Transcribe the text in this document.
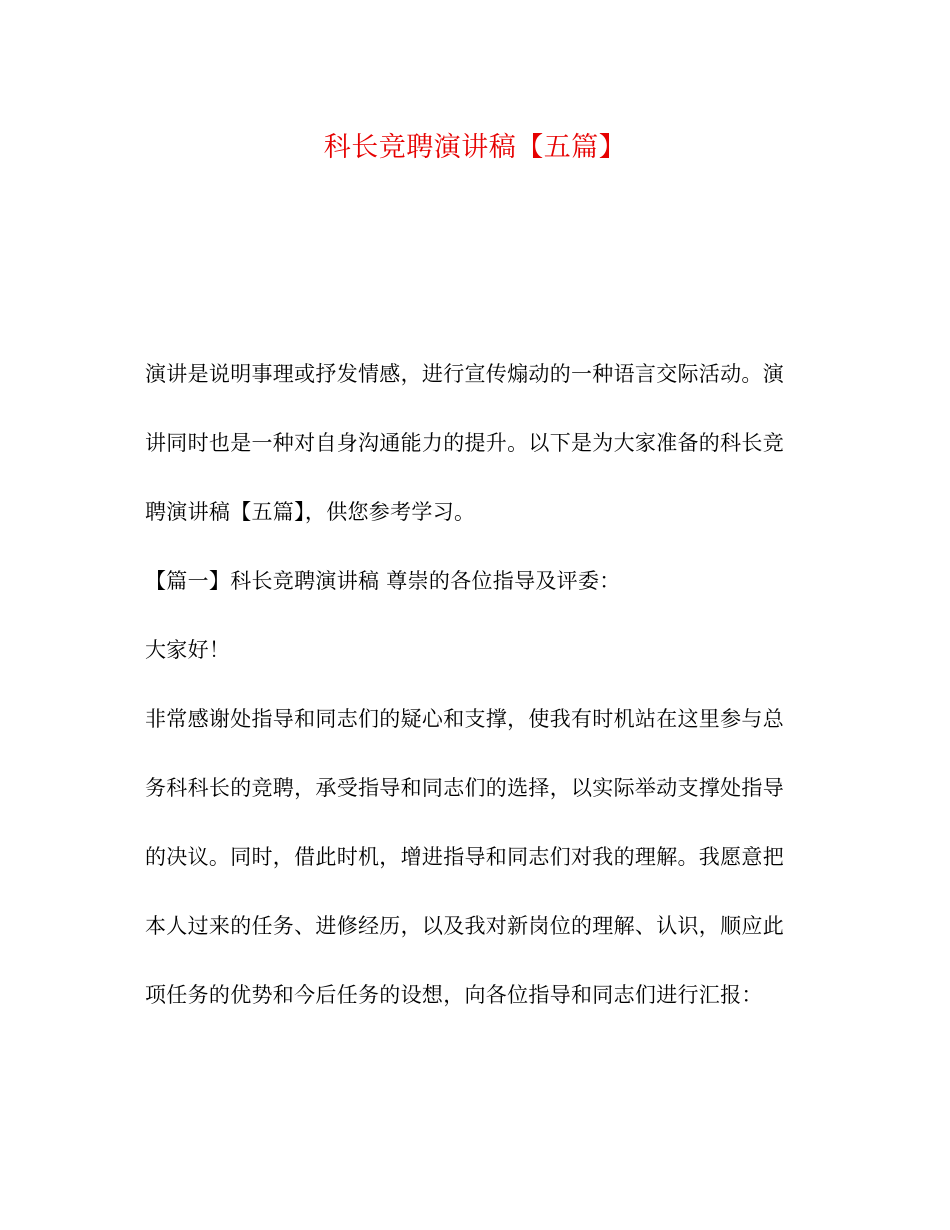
科长竞聘演讲稿【五篇】
演讲是说明事理或抒发情感，进行宣传煽动的一种语言交际活动。演
讲同时也是一种对自身沟通能力的提升。以下是为大家准备的科长竞
聘演讲稿【五篇】，供您参考学习。
【篇一】科长竞聘演讲稿 尊崇的各位指导及评委：
大家好！
非常感谢处指导和同志们的疑心和支撑，使我有时机站在这里参与总
务科科长的竞聘，承受指导和同志们的选择，以实际举动支撑处指导
的决议。同时，借此时机，增进指导和同志们对我的理解。我愿意把
本人过来的任务、进修经历，以及我对新岗位的理解、认识，顺应此
项任务的优势和今后任务的设想，向各位指导和同志们进行汇报：
